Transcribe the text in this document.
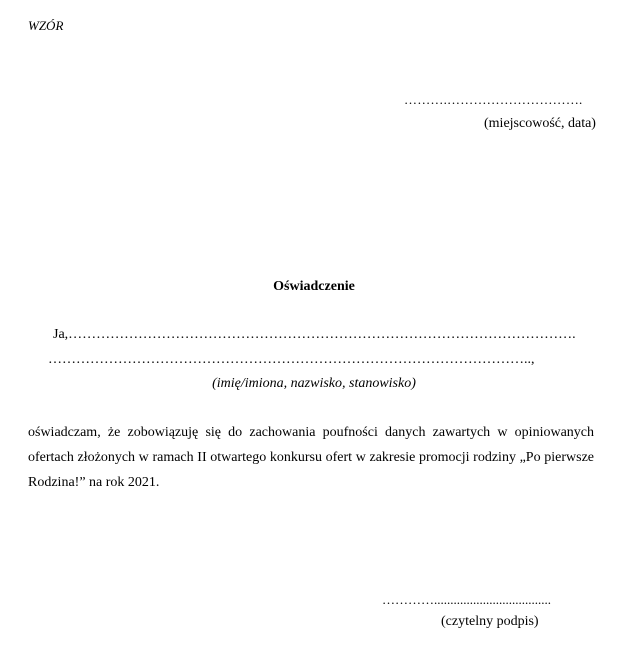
WZÓR
……….………………………….
(miejscowość, data)
Oświadczenie
Ja,……………………………………………………………………………………………….
…………………………………………………………………………………………..,
(imię/imiona, nazwisko, stanowisko)
oświadczam, że zobowiązuję się do zachowania poufności danych zawartych w opiniowanych ofertach złożonych w ramach II otwartego konkursu ofert w zakresie promocji rodziny „Po pierwsze Rodzina!” na rok 2021.
…………....................................
(czytelny podpis)
